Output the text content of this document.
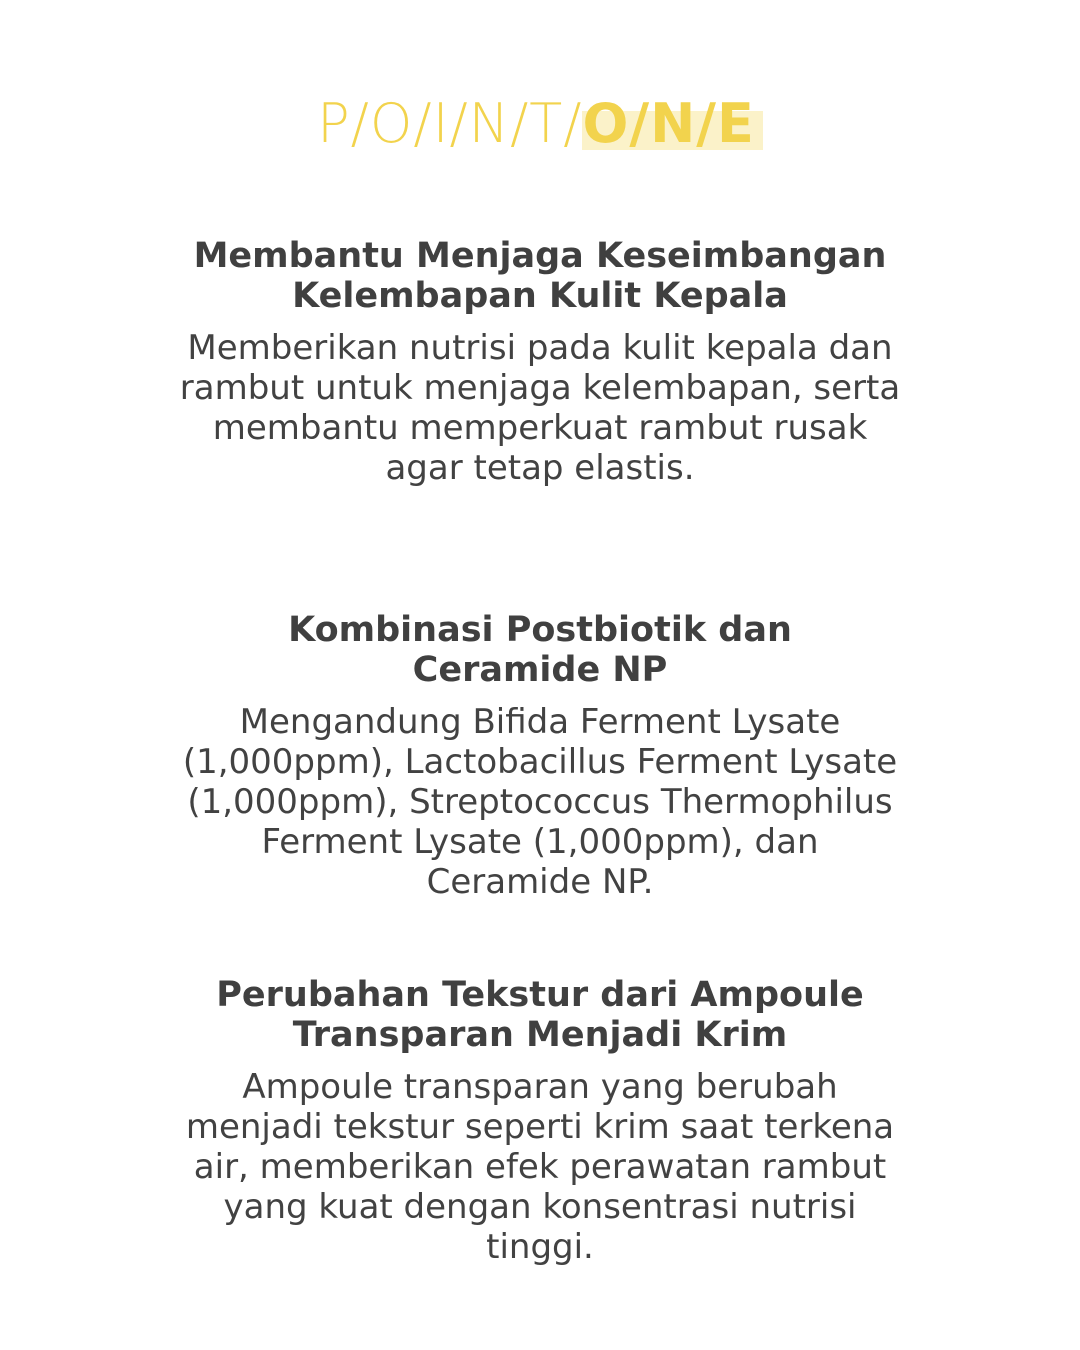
P/O/I/N/T/O/N/E
Membantu Menjaga Keseimbangan
Kelembapan Kulit Kepala

Memberikan nutrisi pada kulit kepala dan
rambut untuk menjaga kelembapan, serta
membantu memperkuat rambut rusak
agar tetap elastis.

Kombinasi Postbiotik dan
Ceramide NP

Mengandung Bifida Ferment Lysate
(1,000ppm), Lactobacillus Ferment Lysate
(1,000ppm), Streptococcus Thermophilus
Ferment Lysate (1,000ppm), dan
Ceramide NP.

Perubahan Tekstur dari Ampoule
Transparan Menjadi Krim

Ampoule transparan yang berubah
menjadi tekstur seperti krim saat terkena
air, memberikan efek perawatan rambut
yang kuat dengan konsentrasi nutrisi
tinggi.
